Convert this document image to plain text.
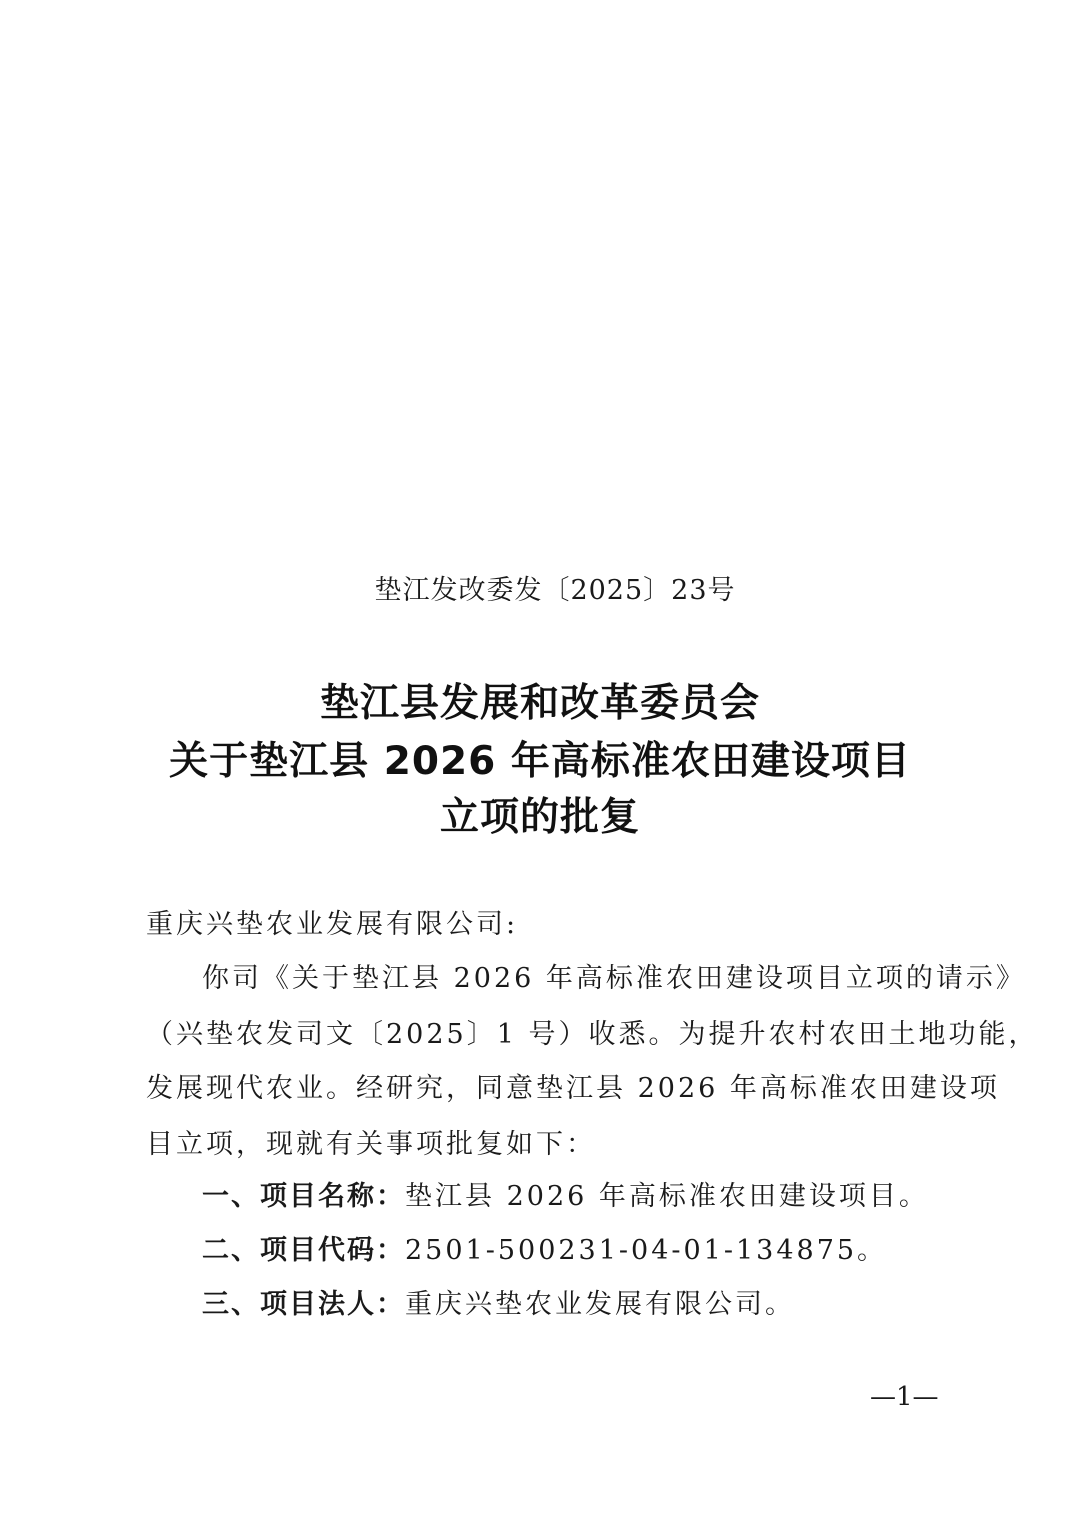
垫江发改委发〔2025〕23号
垫江县发展和改革委员会
关于垫江县 2026 年高标准农田建设项目
立项的批复
重庆兴垫农业发展有限公司:
你司《关于垫江县 2026 年高标准农田建设项目立项的请示》
（兴垫农发司文〔2025〕1 号）收悉。为提升农村农田土地功能，
发展现代农业。经研究，同意垫江县 2026 年高标准农田建设项
目立项，现就有关事项批复如下：
一、项目名称：垫江县 2026 年高标准农田建设项目。
二、项目代码：2501-500231-04-01-134875。
三、项目法人：重庆兴垫农业发展有限公司。
—1—
